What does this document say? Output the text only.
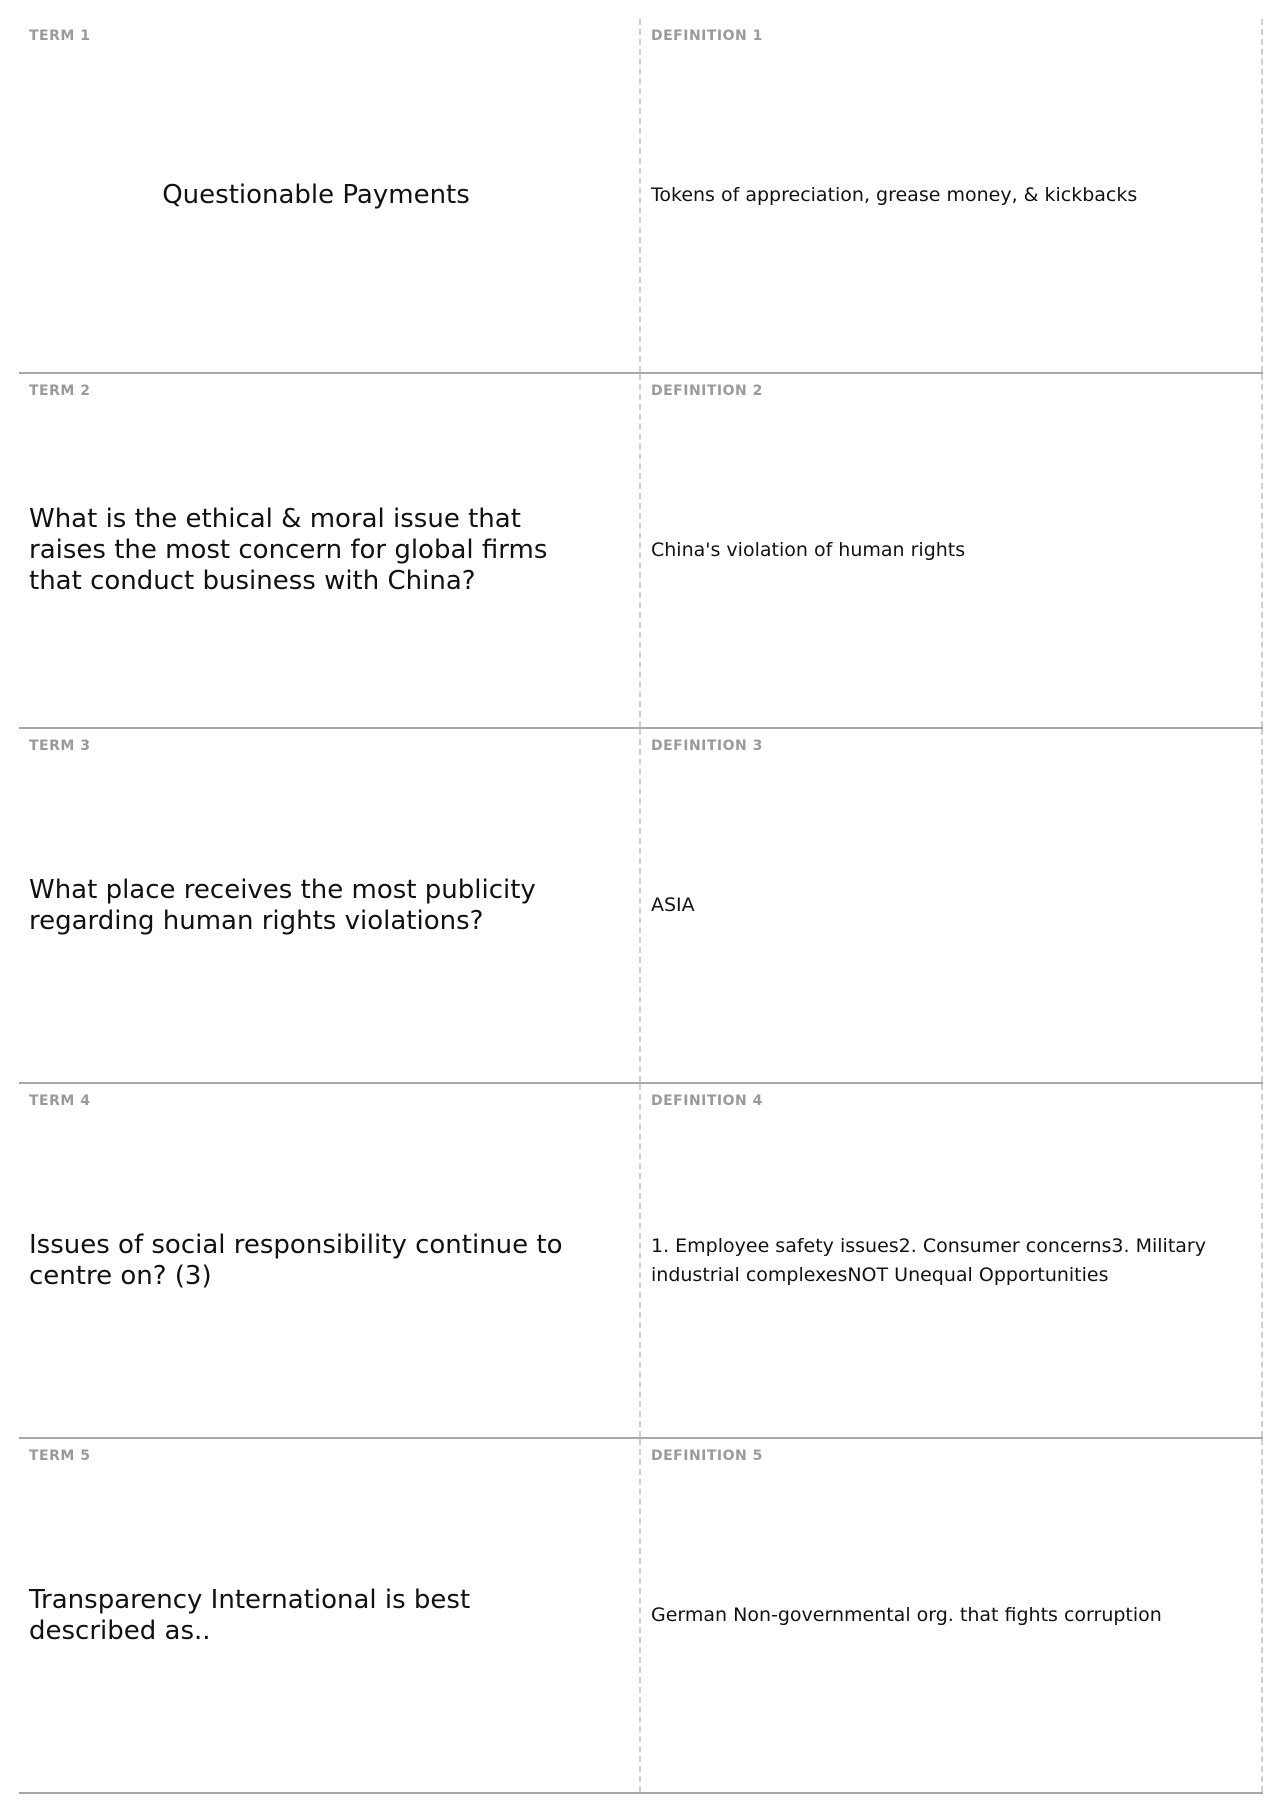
TERM 1
Questionable Payments
DEFINITION 1
Tokens of appreciation, grease money, & kickbacks
TERM 2
What is the ethical & moral issue that raises the most concern for global firms that conduct business with China?
DEFINITION 2
China's violation of human rights
TERM 3
What place receives the most publicity regarding human rights violations?
DEFINITION 3
ASIA
TERM 4
Issues of social responsibility continue to centre on? (3)
DEFINITION 4
1. Employee safety issues2. Consumer concerns3. Military industrial complexesNOT Unequal Opportunities
TERM 5
Transparency International is best described as..
DEFINITION 5
German Non-governmental org. that fights corruption
